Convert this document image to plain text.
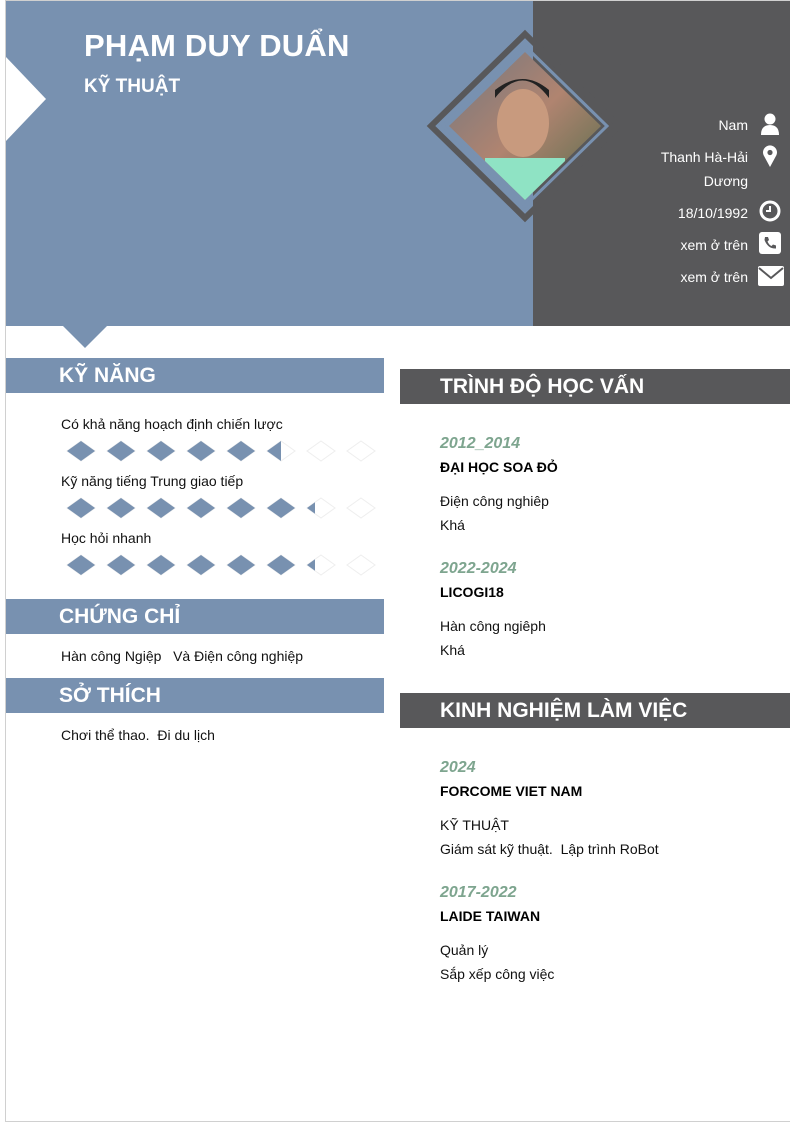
PHẠM DUY DUẨN
KỸ THUẬT
Nam
Thanh Hà-Hải
Dương
18/10/1992
xem ở trên
xem ở trên
KỸ NĂNG
Có khả năng hoạch định chiến lược
Kỹ năng tiếng Trung giao tiếp
Học hỏi nhanh
CHỨNG CHỈ
Hàn công Ngiệp   Và Điện công nghiệp
SỞ THÍCH
Chơi thể thao.  Đi du lịch
TRÌNH ĐỘ HỌC VẤN
2012_2014
ĐẠI HỌC SOA ĐỎ
Điện công nghiêp
Khá
2022-2024
LICOGI18
Hàn công ngiêph
Khá
KINH NGHIỆM LÀM VIỆC
2024
FORCOME VIET NAM
KỸ THUẬT
Giám sát kỹ thuật.  Lập trình RoBot
2017-2022
LAIDE TAIWAN
Quản lý
Sắp xếp công việc
